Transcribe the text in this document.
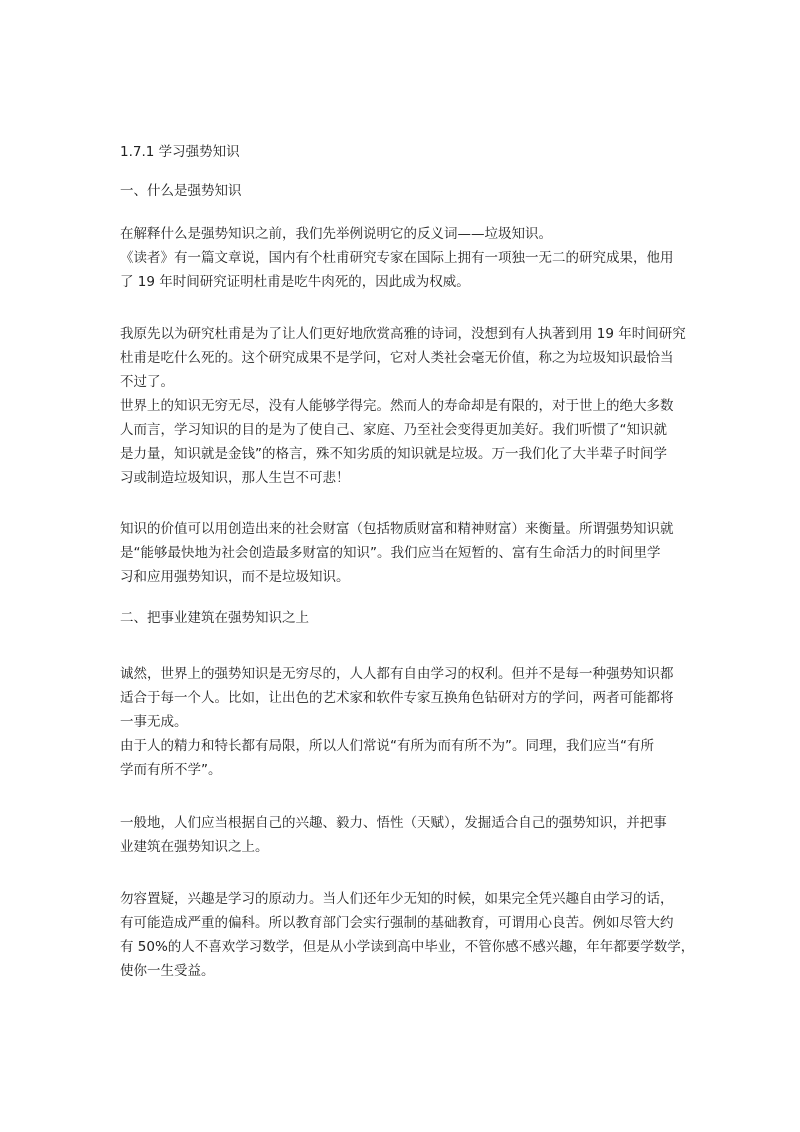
1.7.1 学习强势知识
一、什么是强势知识
在解释什么是强势知识之前，我们先举例说明它的反义词——垃圾知识。
《读者》有一篇文章说，国内有个杜甫研究专家在国际上拥有一项独一无二的研究成果，他用
了 19 年时间研究证明杜甫是吃牛肉死的，因此成为权威。
我原先以为研究杜甫是为了让人们更好地欣赏高雅的诗词，没想到有人执著到用 19 年时间研究
杜甫是吃什么死的。这个研究成果不是学问，它对人类社会毫无价值，称之为垃圾知识最恰当
不过了。
世界上的知识无穷无尽，没有人能够学得完。然而人的寿命却是有限的，对于世上的绝大多数
人而言，学习知识的目的是为了使自己、家庭、乃至社会变得更加美好。我们听惯了“知识就
是力量，知识就是金钱”的格言，殊不知劣质的知识就是垃圾。万一我们化了大半辈子时间学
习或制造垃圾知识，那人生岂不可悲！
知识的价值可以用创造出来的社会财富（包括物质财富和精神财富）来衡量。所谓强势知识就
是“能够最快地为社会创造最多财富的知识”。我们应当在短暂的、富有生命活力的时间里学
习和应用强势知识，而不是垃圾知识。
二、把事业建筑在强势知识之上
诚然，世界上的强势知识是无穷尽的，人人都有自由学习的权利。但并不是每一种强势知识都
适合于每一个人。比如，让出色的艺术家和软件专家互换角色钻研对方的学问，两者可能都将
一事无成。
由于人的精力和特长都有局限，所以人们常说“有所为而有所不为”。同理，我们应当“有所
学而有所不学”。
一般地，人们应当根据自己的兴趣、毅力、悟性（天赋），发掘适合自己的强势知识，并把事
业建筑在强势知识之上。
勿容置疑，兴趣是学习的原动力。当人们还年少无知的时候，如果完全凭兴趣自由学习的话，
有可能造成严重的偏科。所以教育部门会实行强制的基础教育，可谓用心良苦。例如尽管大约
有 50%的人不喜欢学习数学，但是从小学读到高中毕业，不管你感不感兴趣，年年都要学数学，
使你一生受益。
